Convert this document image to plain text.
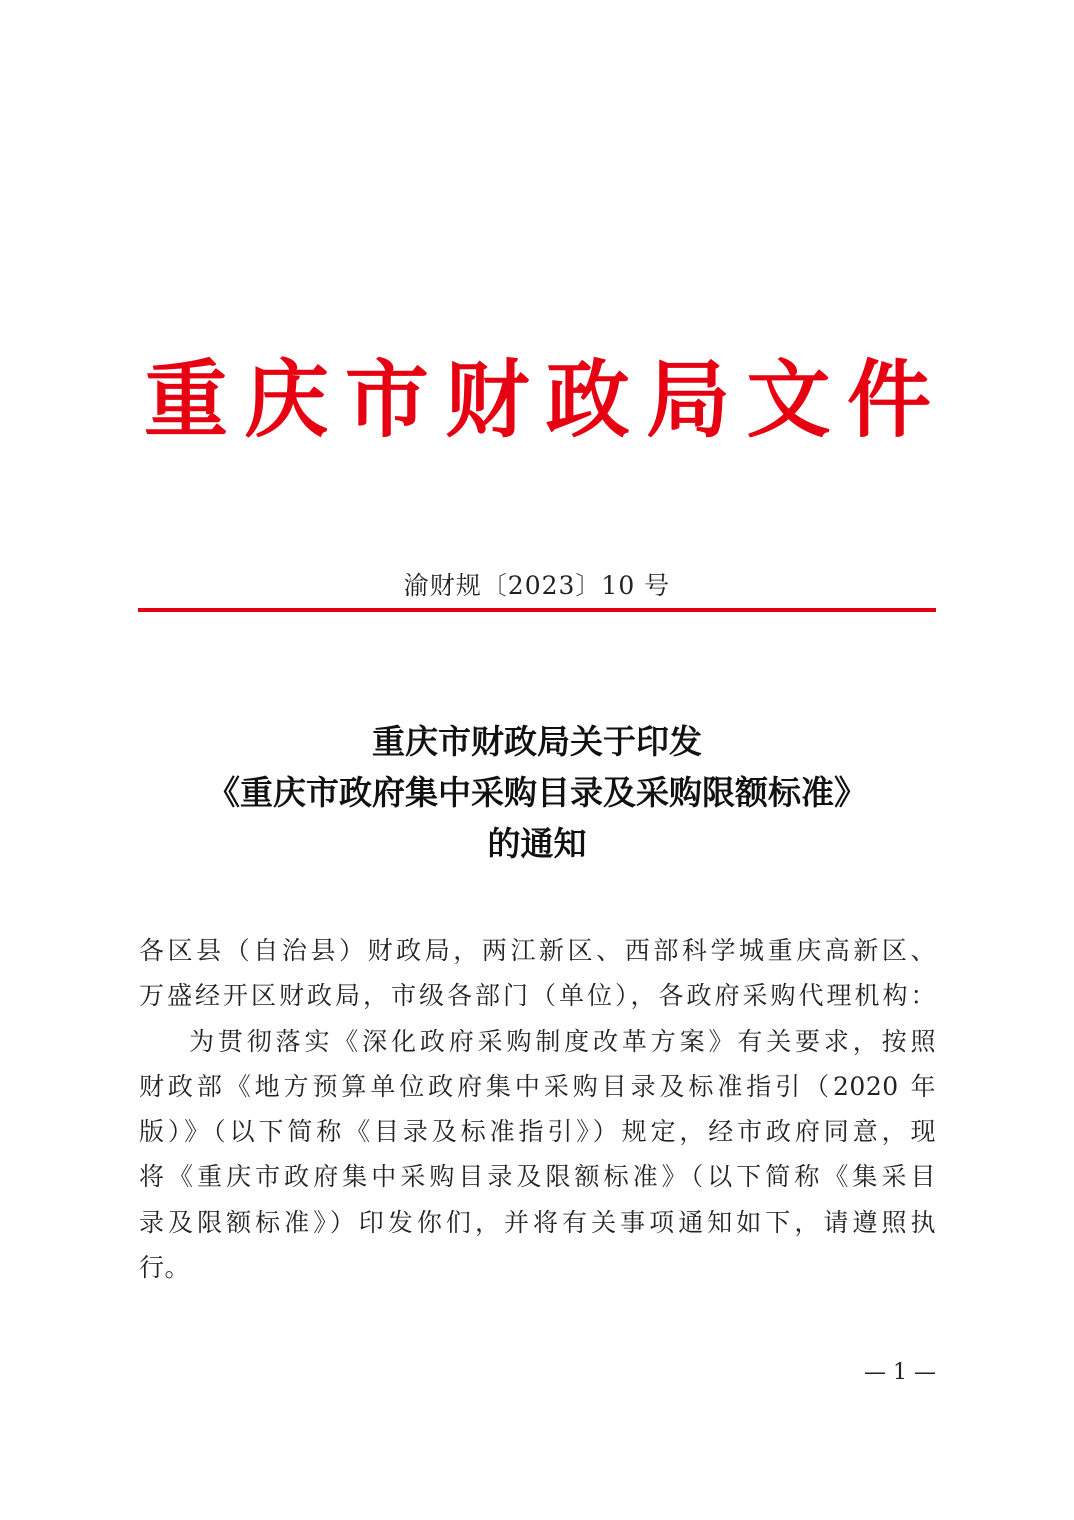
重 庆 市 财 政 局 文 件
渝财规〔2023〕10 号
重庆市财政局关于印发
《重庆市政府集中采购目录及采购限额标准》
的通知
各区县（自治县）财政局，两江新区、西部科学城重庆高新区、
万盛经开区财政局，市级各部门（单位），各政府采购代理机构：
为贯彻落实《深化政府采购制度改革方案》有关要求，按照
财政部《地方预算单位政府集中采购目录及标准指引（2020 年
版）》（以下简称《目录及标准指引》）规定，经市政府同意，现
将《重庆市政府集中采购目录及限额标准》（以下简称《集采目
录及限额标准》）印发你们，并将有关事项通知如下，请遵照执
行。
— 1 —
